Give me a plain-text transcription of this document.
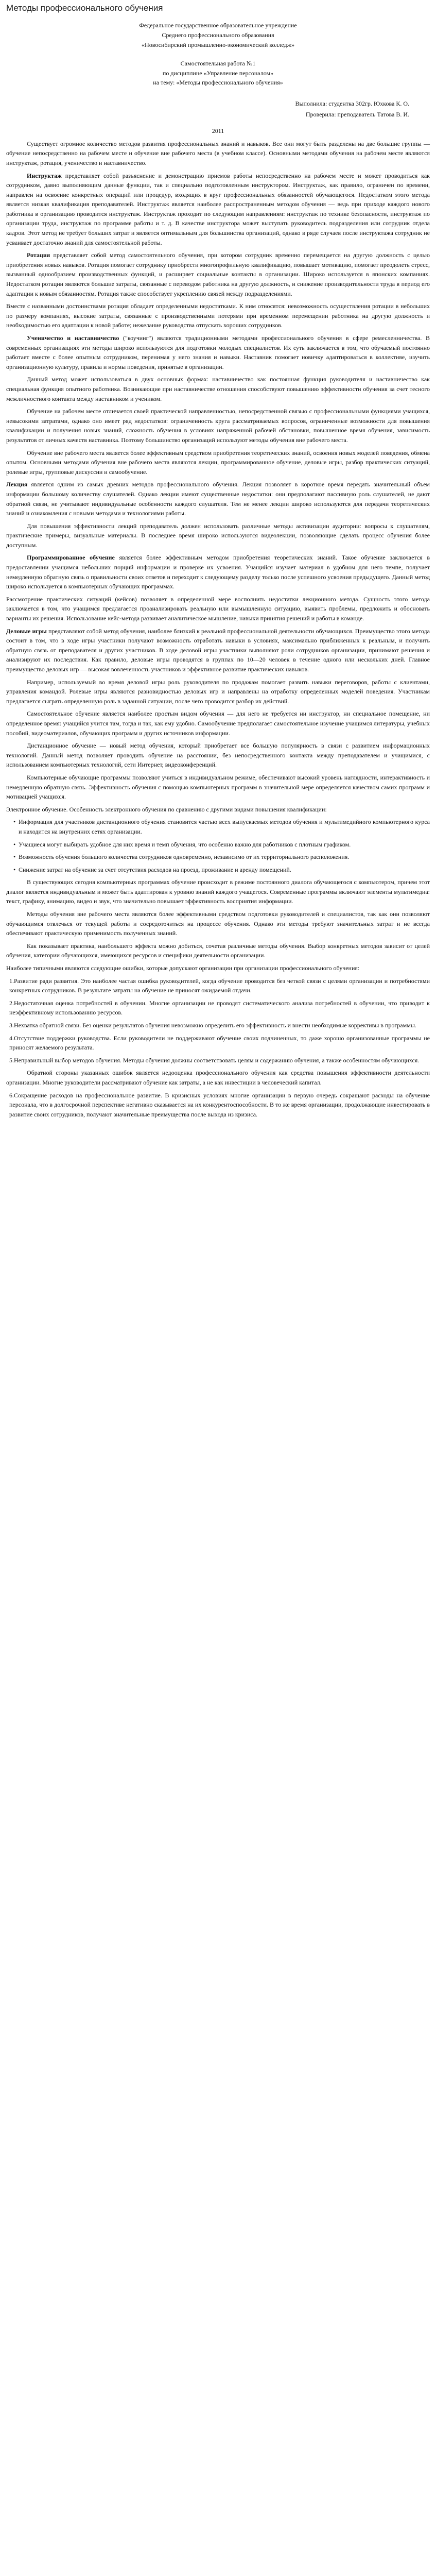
Методы профессионального обучения

Федеральное государственное образовательное учреждение

Среднего профессионального образования

«Новосибирский промышленно-экономический колледж»

Самостоятельная работа №1

по дисциплине «Управление персоналом»

на тему: «Методы профессионального обучения»

Выполнила: студентка 302гр. Юхкова К. О.

Проверила: преподаватель Татова В. И.

2011

Существует огромное количество методов развития профессиональных знаний и навыков. Все они могут быть разделены на две большие группы — обучение непосредственно на рабочем месте и обучение вне рабочего места (в учебном классе). Основными методами обучения на рабочем месте являются инструктаж, ротация, ученичество и наставничество.

Инструктаж представляет собой разъяснение и демонстрацию приемов работы непосредственно на рабочем месте и может проводиться как сотрудником, давно выполняющим данные функции, так и специально подготовленным инструктором. Инструктаж, как правило, ограничен по времени, направлен на освоение конкретных операций или процедур, входящих в круг профессиональных обязанностей обучающегося. Недостатком этого метода является низкая квалификация преподавателей. Инструктаж является наиболее распространенным методом обучения — ведь при приходе каждого нового работника в организацию проводится инструктаж. Инструктаж проходит по следующим направлениям: инструктаж по технике безопасности, инструктаж по организации труда, инструктаж по программе работы и т. д. В качестве инструктора может выступать руководитель подразделения или сотрудник отдела кадров. Этот метод не требует больших затрат и является оптимальным для большинства организаций, однако в ряде случаев после инструктажа сотрудник не усваивает достаточно знаний для самостоятельной работы.

Ротация представляет собой метод самостоятельного обучения, при котором сотрудник временно перемещается на другую должность с целью приобретения новых навыков. Ротация помогает сотруднику приобрести многопрофильную квалификацию, повышает мотивацию, помогает преодолеть стресс, вызванный однообразием производственных функций, и расширяет социальные контакты в организации. Широко используется в японских компаниях. Недостатком ротации являются большие затраты, связанные с переводом работника на другую должность, и снижение производительности труда в период его адаптации к новым обязанностям. Ротация также способствует укреплению связей между подразделениями.

Вместе с названными достоинствами ротация обладает определенными недостатками. К ним относятся: невозможность осуществления ротации в небольших по размеру компаниях, высокие затраты, связанные с производственными потерями при временном перемещении работника на другую должность и необходимостью его адаптации к новой работе; нежелание руководства отпускать хороших сотрудников.

Ученичество и наставничество ("коучинг") являются традиционными методами профессионального обучения в сфере ремесленничества. В современных организациях эти методы широко используются для подготовки молодых специалистов. Их суть заключается в том, что обучаемый постоянно работает вместе с более опытным сотрудником, перенимая у него знания и навыки. Наставник помогает новичку адаптироваться в коллективе, изучить организационную культуру, правила и нормы поведения, принятые в организации.

Данный метод может использоваться в двух основных формах: наставничество как постоянная функция руководителя и наставничество как специальная функция опытного работника. Возникающие при наставничестве отношения способствуют повышению эффективности обучения за счет тесного межличностного контакта между наставником и учеником.

Обучение на рабочем месте отличается своей практической направленностью, непосредственной связью с профессиональными функциями учащихся, невысокими затратами, однако оно имеет ряд недостатков: ограниченность круга рассматриваемых вопросов, ограниченные возможности для повышения квалификации и получения новых знаний, сложность обучения в условиях напряженной рабочей обстановки, повышенное время обучения, зависимость результатов от личных качеств наставника. Поэтому большинство организаций используют методы обучения вне рабочего места.

Обучение вне рабочего места является более эффективным средством приобретения теоретических знаний, освоения новых моделей поведения, обмена опытом. Основными методами обучения вне рабочего места являются лекции, программированное обучение, деловые игры, разбор практических ситуаций, ролевые игры, групповые дискуссии и самообучение.

Лекция является одним из самых древних методов профессионального обучения. Лекция позволяет в короткое время передать значительный объем информации большому количеству слушателей. Однако лекции имеют существенные недостатки: они предполагают пассивную роль слушателей, не дают обратной связи, не учитывают индивидуальные особенности каждого слушателя. Тем не менее лекции широко используются для передачи теоретических знаний и ознакомления с новыми методами и технологиями работы.

Для повышения эффективности лекций преподаватель должен использовать различные методы активизации аудитории: вопросы к слушателям, практические примеры, визуальные материалы. В последнее время широко используются видеолекции, позволяющие сделать процесс обучения более доступным.

Программированное обучение является более эффективным методом приобретения теоретических знаний. Такое обучение заключается в предоставлении учащимся небольших порций информации и проверке их усвоения. Учащийся изучает материал в удобном для него темпе, получает немедленную обратную связь о правильности своих ответов и переходит к следующему разделу только после успешного усвоения предыдущего. Данный метод широко используется в компьютерных обучающих программах.

Рассмотрение практических ситуаций (кейсов) позволяет в определенной мере восполнить недостатки лекционного метода. Сущность этого метода заключается в том, что учащимся предлагается проанализировать реальную или вымышленную ситуацию, выявить проблемы, предложить и обосновать варианты их решения. Использование кейс-метода развивает аналитическое мышление, навыки принятия решений и работы в команде.

Деловые игры представляют собой метод обучения, наиболее близкий к реальной профессиональной деятельности обучающихся. Преимущество этого метода состоит в том, что в ходе игры участники получают возможность отработать навыки в условиях, максимально приближенных к реальным, и получить обратную связь от преподавателя и других участников. В ходе деловой игры участники выполняют роли сотрудников организации, принимают решения и анализируют их последствия. Как правило, деловые игры проводятся в группах по 10—20 человек в течение одного или нескольких дней. Главное преимущество деловых игр — высокая вовлеченность участников и эффективное развитие практических навыков.

Например, используемый во время деловой игры роль руководителя по продажам помогает развить навыки переговоров, работы с клиентами, управления командой. Ролевые игры являются разновидностью деловых игр и направлены на отработку определенных моделей поведения. Участникам предлагается сыграть определенную роль в заданной ситуации, после чего проводится разбор их действий.

Самостоятельное обучение является наиболее простым видом обучения — для него не требуется ни инструктор, ни специальное помещение, ни определенное время: учащийся учится там, тогда и так, как ему удобно. Самообучение предполагает самостоятельное изучение учащимся литературы, учебных пособий, видеоматериалов, обучающих программ и других источников информации.

Дистанционное обучение — новый метод обучения, который приобретает все большую популярность в связи с развитием информационных технологий. Данный метод позволяет проводить обучение на расстоянии, без непосредственного контакта между преподавателем и учащимися, с использованием компьютерных технологий, сети Интернет, видеоконференций.

Компьютерные обучающие программы позволяют учиться в индивидуальном режиме, обеспечивают высокий уровень наглядности, интерактивность и немедленную обратную связь. Эффективность обучения с помощью компьютерных программ в значительной мере определяется качеством самих программ и мотивацией учащихся.

Электронное обучение. Особенность электронного обучения по сравнению с другими видами повышения квалификации:

• Информация для участников дистанционного обучения становится частью всех выпускаемых методов обучения и мультимедийного компьютерного курса и находится на внутренних сетях организации.

• Учащиеся могут выбирать удобное для них время и темп обучения, что особенно важно для работников с плотным графиком.

• Возможность обучения большого количества сотрудников одновременно, независимо от их территориального расположения.

• Снижение затрат на обучение за счет отсутствия расходов на проезд, проживание и аренду помещений.

В существующих сегодня компьютерных программах обучение происходит в режиме постоянного диалога обучающегося с компьютером, причем этот диалог является индивидуальным и может быть адаптирован к уровню знаний каждого учащегося. Современные программы включают элементы мультимедиа: текст, графику, анимацию, видео и звук, что значительно повышает эффективность восприятия информации.

Методы обучения вне рабочего места являются более эффективными средством подготовки руководителей и специалистов, так как они позволяют обучающимся отвлечься от текущей работы и сосредоточиться на процессе обучения. Однако эти методы требуют значительных затрат и не всегда обеспечивают практическую применимость полученных знаний.

Как показывает практика, наибольшего эффекта можно добиться, сочетая различные методы обучения. Выбор конкретных методов зависит от целей обучения, категории обучающихся, имеющихся ресурсов и специфики деятельности организации.

Наиболее типичными являются следующие ошибки, которые допускают организации при организации профессионального обучения:

1.Развитие ради развития. Это наиболее частая ошибка руководителей, когда обучение проводится без четкой связи с целями организации и потребностями конкретных сотрудников. В результате затраты на обучение не приносят ожидаемой отдачи.

2.Недостаточная оценка потребностей в обучении. Многие организации не проводят систематического анализа потребностей в обучении, что приводит к неэффективному использованию ресурсов.

3.Нехватка обратной связи. Без оценки результатов обучения невозможно определить его эффективность и внести необходимые коррективы в программы.

4.Отсутствие поддержки руководства. Если руководители не поддерживают обучение своих подчиненных, то даже хорошо организованные программы не приносят желаемого результата.

5.Неправильный выбор методов обучения. Методы обучения должны соответствовать целям и содержанию обучения, а также особенностям обучающихся.

Обратной стороны указанных ошибок является недооценка профессионального обучения как средства повышения эффективности деятельности организации. Многие руководители рассматривают обучение как затраты, а не как инвестиции в человеческий капитал.

6.Сокращение расходов на профессиональное развитие. В кризисных условиях многие организации в первую очередь сокращают расходы на обучение персонала, что в долгосрочной перспективе негативно сказывается на их конкурентоспособности. В то же время организации, продолжающие инвестировать в развитие своих сотрудников, получают значительные преимущества после выхода из кризиса.
